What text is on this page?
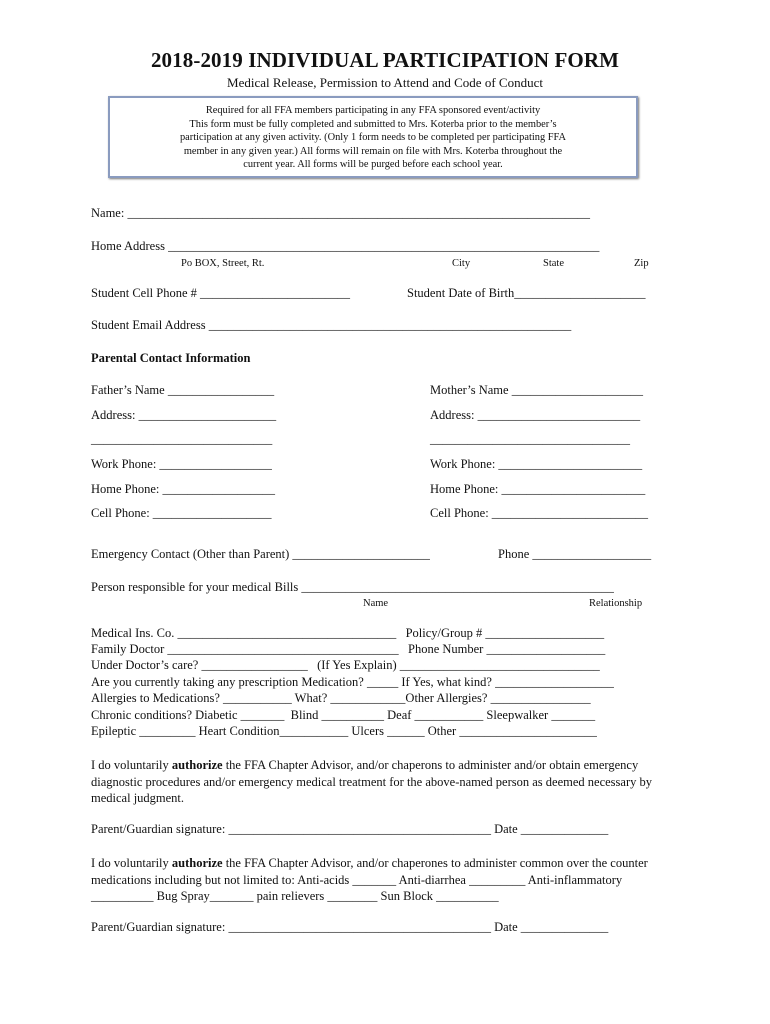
2018-2019 INDIVIDUAL PARTICIPATION FORM
Medical Release, Permission to Attend and Code of Conduct
Required for all FFA members participating in any FFA sponsored event/activity
This form must be fully completed and submitted to Mrs. Koterba prior to the member’s
participation at any given activity. (Only 1 form needs to be completed per participating FFA
member in any given year.) All forms will remain on file with Mrs. Koterba throughout the
current year. All forms will be purged before each school year.
Name: __________________________________________________________________________
Home Address _____________________________________________________________________
Po BOX, Street, Rt.	City	State	Zip
Student Cell Phone # ________________________	Student Date of Birth_____________________
Student Email Address __________________________________________________________
Parental Contact Information
Father’s Name _________________	Mother’s Name _____________________
Address: ______________________	Address: __________________________
_____________________________	________________________________
Work Phone: __________________	Work Phone: _______________________
Home Phone: __________________	Home Phone: _______________________
Cell Phone: ___________________	Cell Phone: _________________________
Emergency Contact (Other than Parent) ______________________	Phone ___________________
Person responsible for your medical Bills __________________________________________________
Name	Relationship
Medical Ins. Co. ___________________________________   Policy/Group # ___________________
Family Doctor _____________________________________   Phone Number ___________________
Under Doctor’s care? _________________   (If Yes Explain) ________________________________
Are you currently taking any prescription Medication? _____ If Yes, what kind? ___________________
Allergies to Medications? ___________ What? ____________Other Allergies? ________________
Chronic conditions? Diabetic _______  Blind __________ Deaf ___________ Sleepwalker _______
Epileptic _________ Heart Condition___________ Ulcers ______ Other ______________________
I do voluntarily authorize the FFA Chapter Advisor, and/or chaperons to administer and/or obtain emergency diagnostic procedures and/or emergency medical treatment for the above-named person as deemed necessary by medical judgment.
Parent/Guardian signature: __________________________________________ Date ______________
I do voluntarily authorize the FFA Chapter Advisor, and/or chaperones to administer common over the counter medications including but not limited to: Anti-acids _______ Anti-diarrhea _________ Anti-inflammatory __________ Bug Spray_______ pain relievers ________ Sun Block __________
Parent/Guardian signature: __________________________________________ Date ______________
